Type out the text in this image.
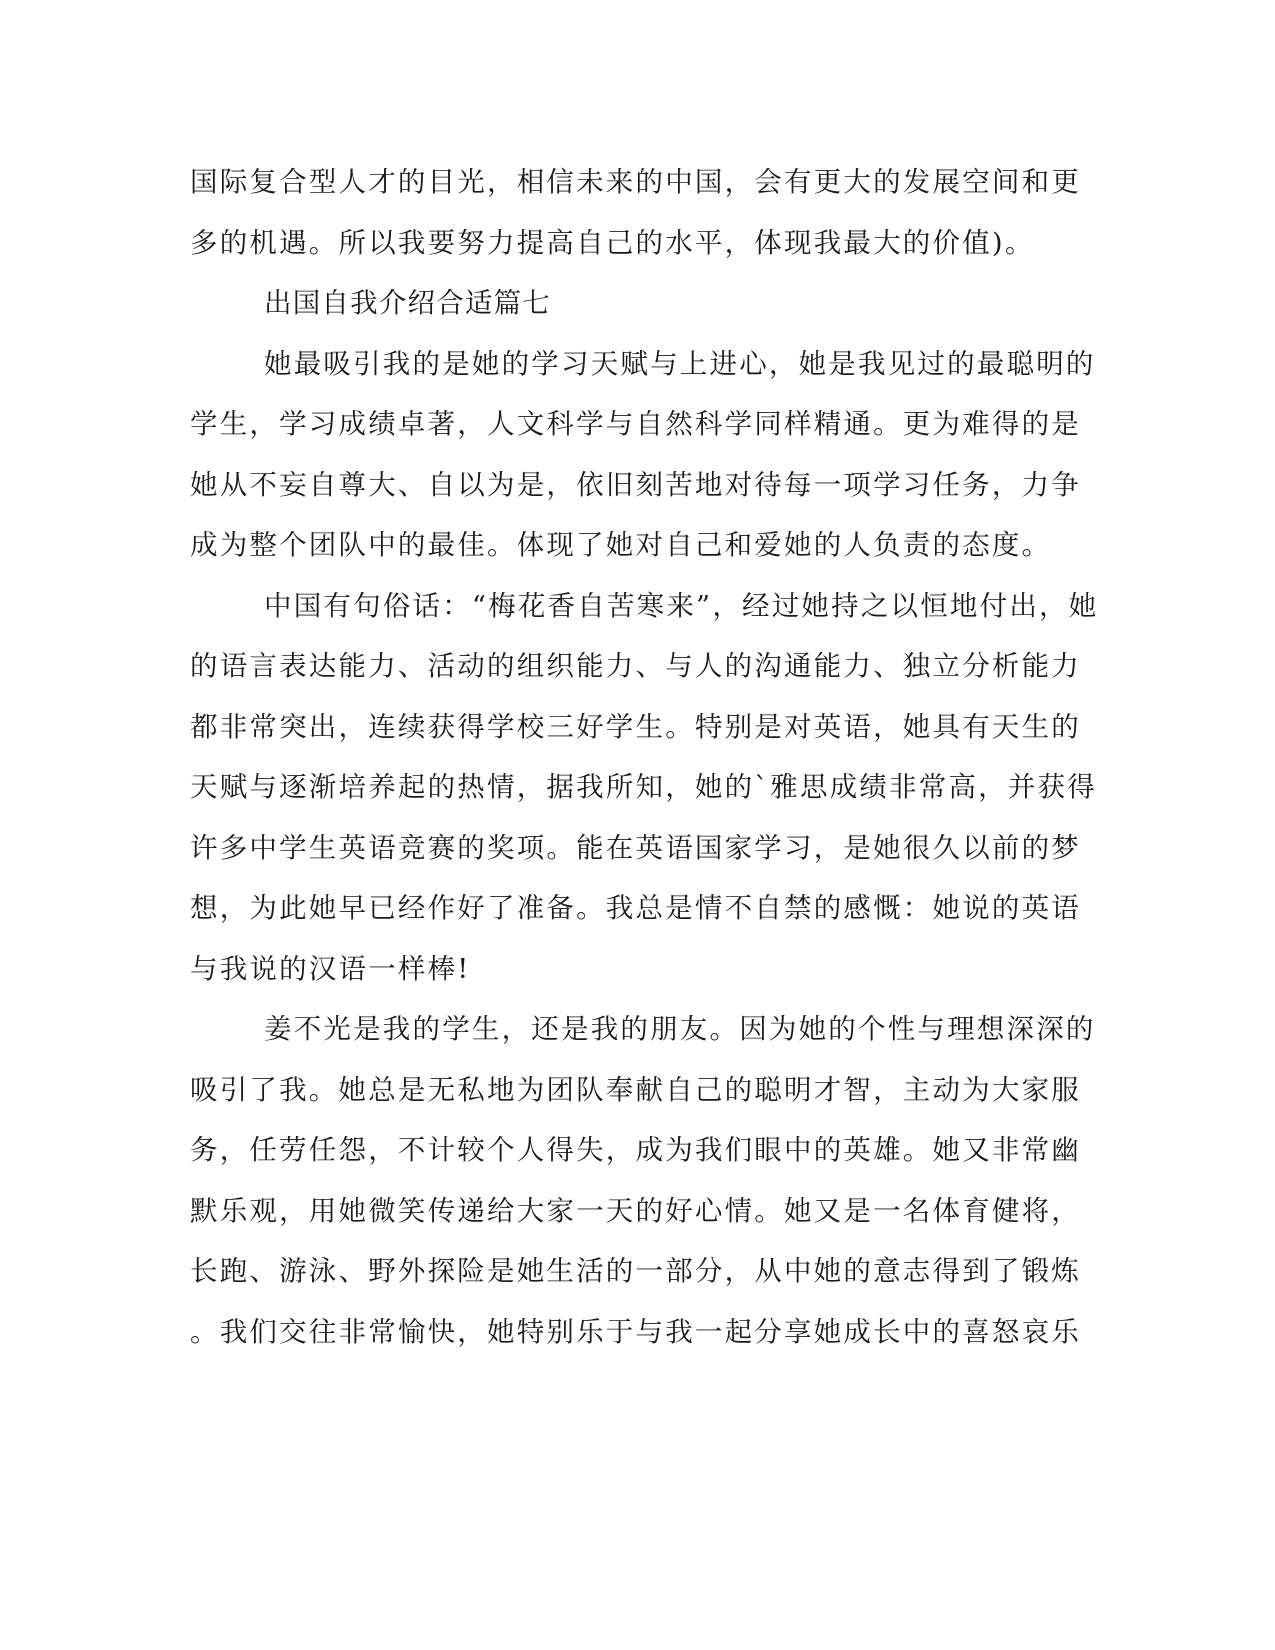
国际复合型人才的目光，相信未来的中国，会有更大的发展空间和更
多的机遇。所以我要努力提高自己的水平，体现我最大的价值)。
出国自我介绍合适篇七
她最吸引我的是她的学习天赋与上进心，她是我见过的最聪明的
学生，学习成绩卓著，人文科学与自然科学同样精通。更为难得的是
她从不妄自尊大、自以为是，依旧刻苦地对待每一项学习任务，力争
成为整个团队中的最佳。体现了她对自己和爱她的人负责的态度。
中国有句俗话：“梅花香自苦寒来”，经过她持之以恒地付出，她
的语言表达能力、活动的组织能力、与人的沟通能力、独立分析能力
都非常突出，连续获得学校三好学生。特别是对英语，她具有天生的
天赋与逐渐培养起的热情，据我所知，她的`雅思成绩非常高，并获得
许多中学生英语竞赛的奖项。能在英语国家学习，是她很久以前的梦
想，为此她早已经作好了准备。我总是情不自禁的感慨：她说的英语
与我说的汉语一样棒!
姜不光是我的学生，还是我的朋友。因为她的个性与理想深深的
吸引了我。她总是无私地为团队奉献自己的聪明才智，主动为大家服
务，任劳任怨，不计较个人得失，成为我们眼中的英雄。她又非常幽
默乐观，用她微笑传递给大家一天的好心情。她又是一名体育健将，
长跑、游泳、野外探险是她生活的一部分，从中她的意志得到了锻炼
。我们交往非常愉快，她特别乐于与我一起分享她成长中的喜怒哀乐
